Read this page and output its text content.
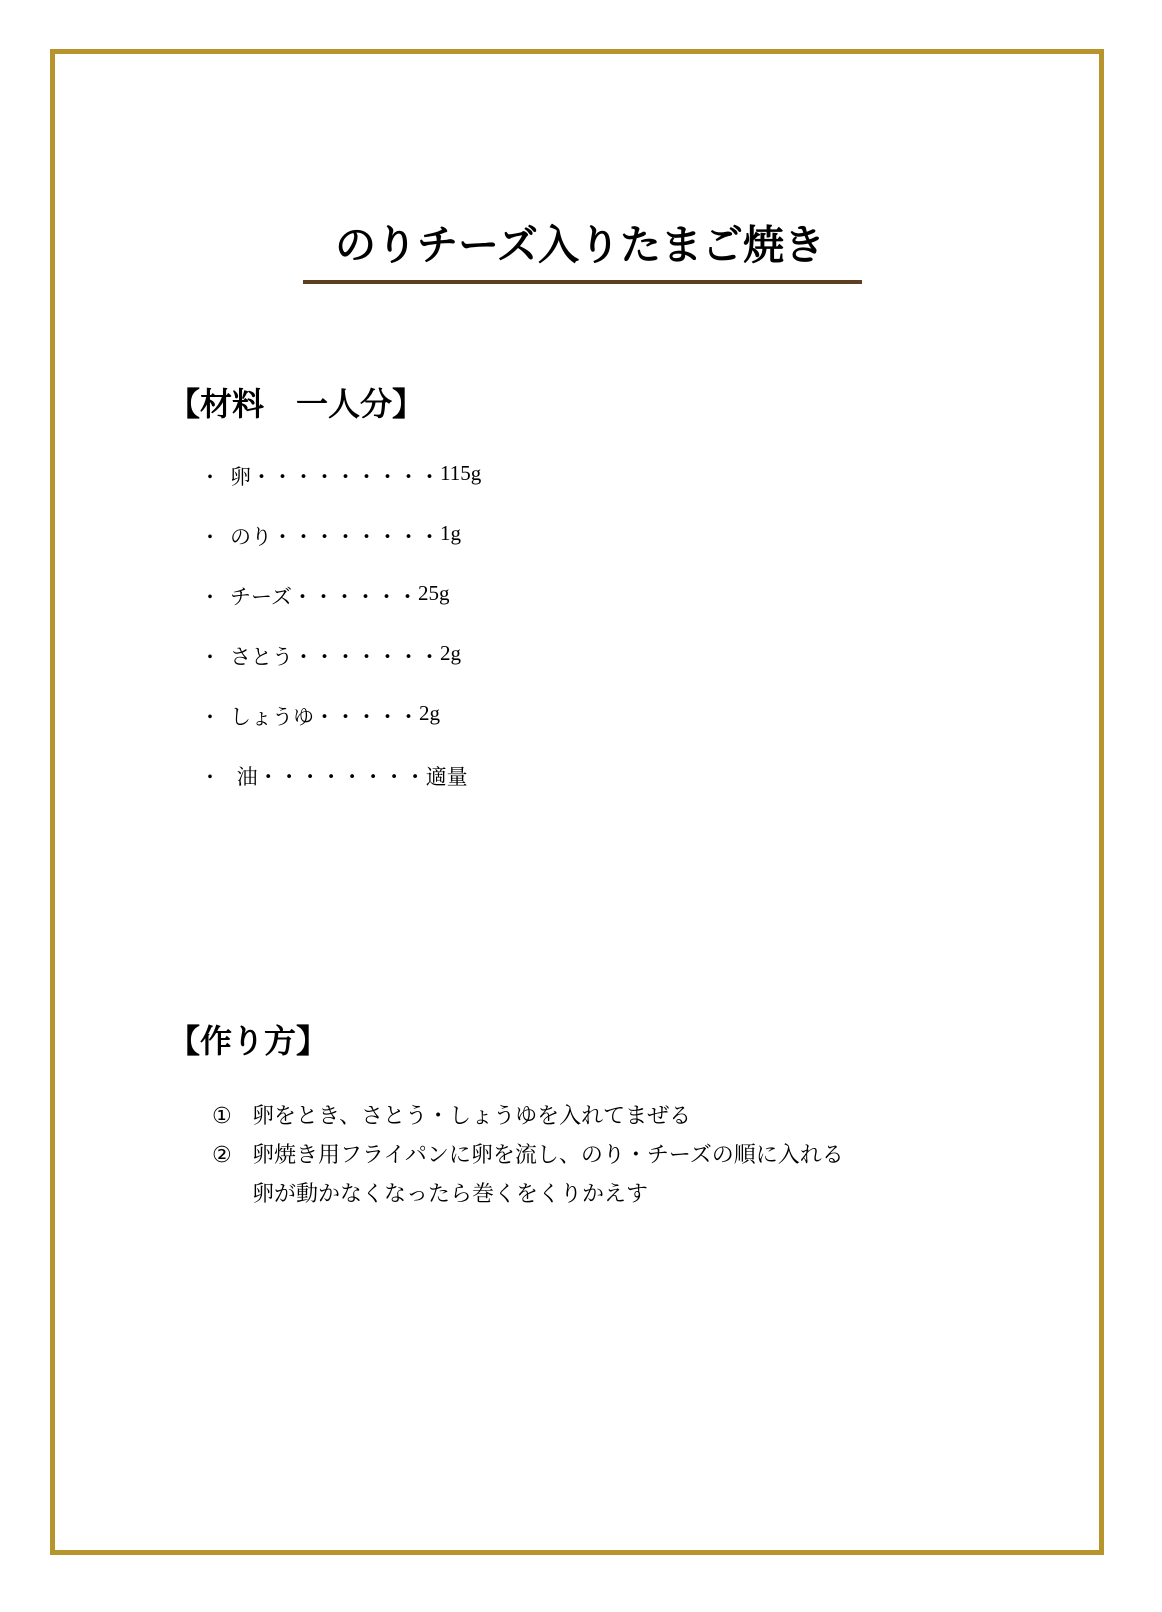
のりチーズ入りたまご焼き
【材料　一人分】
・ 卵 ・・・・・・・・・ 115g
・ のり ・・・・・・・・ 1g
・ チーズ ・・・・・・ 25g
・ さとう ・・・・・・・ 2g
・ しょうゆ ・・・・・ 2g
・ 油 ・・・・・・・・ 適量
【作り方】
① 卵をとき、さとう・しょうゆを入れてまぜる
② 卵焼き用フライパンに卵を流し、のり・チーズの順に入れる
卵が動かなくなったら巻くをくりかえす
